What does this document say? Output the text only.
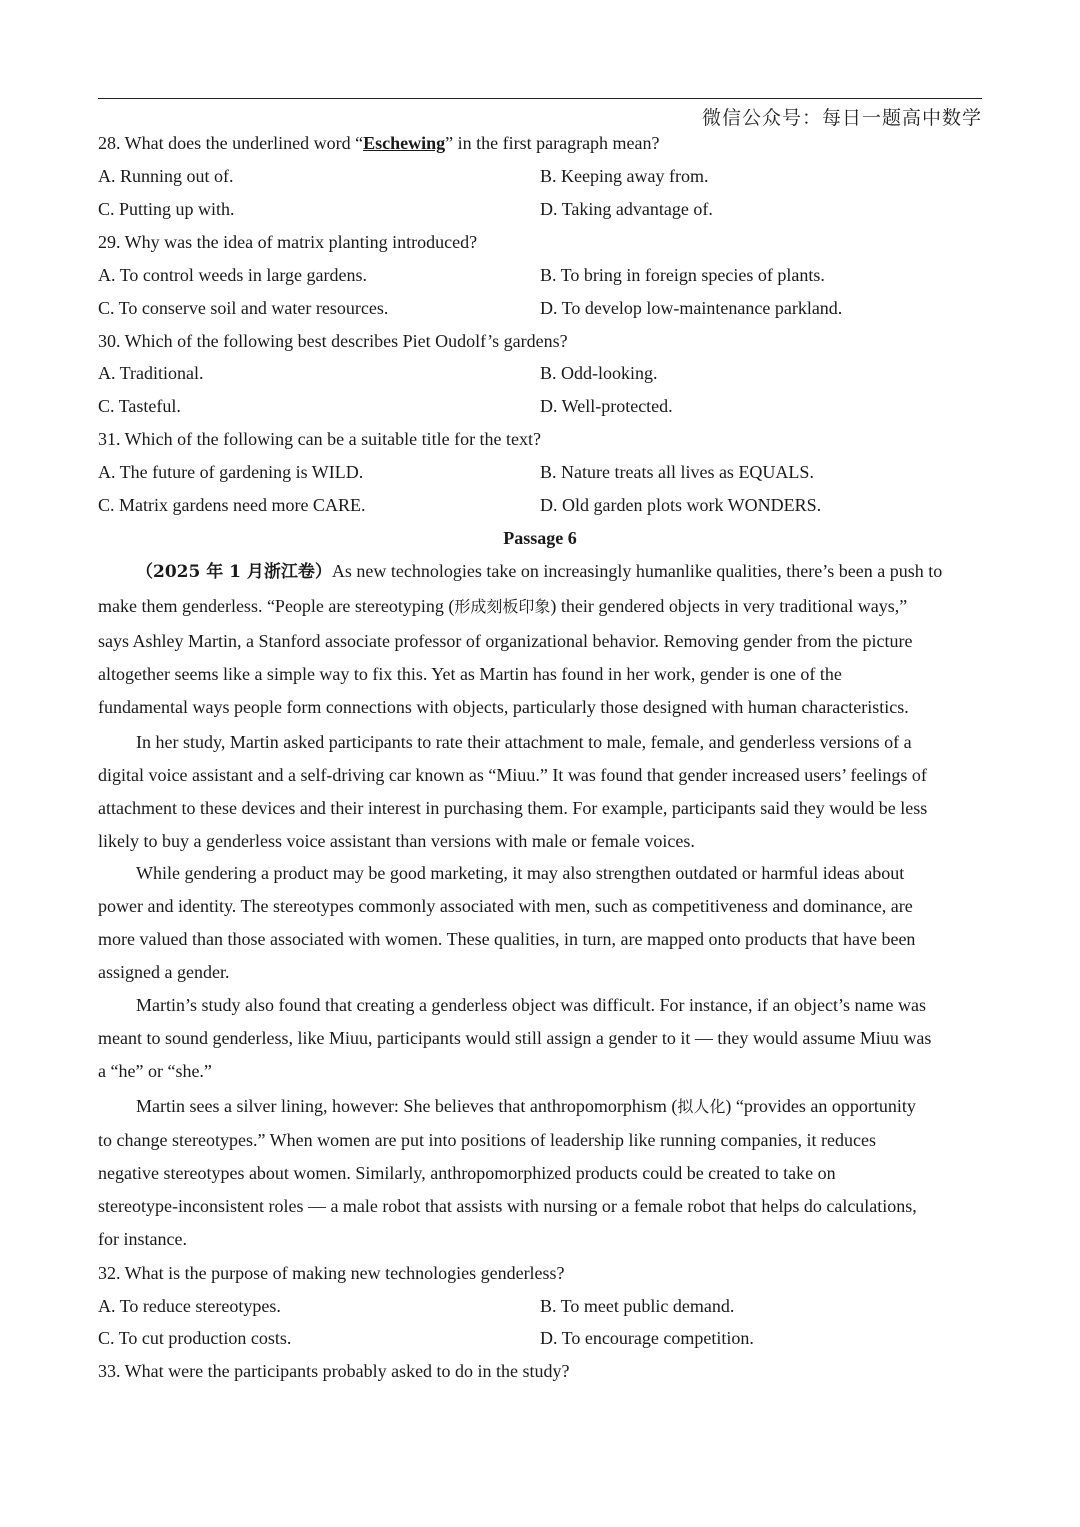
微信公众号：每日一题高中数学
28. What does the underlined word “Eschewing” in the first paragraph mean?
A. Running out of.	B. Keeping away from.
C. Putting up with.	D. Taking advantage of.
29. Why was the idea of matrix planting introduced?
A. To control weeds in large gardens.	B. To bring in foreign species of plants.
C. To conserve soil and water resources.	D. To develop low-maintenance parkland.
30. Which of the following best describes Piet Oudolf’s gardens?
A. Traditional.	B. Odd-looking.
C. Tasteful.	D. Well-protected.
31. Which of the following can be a suitable title for the text?
A. The future of gardening is WILD.	B. Nature treats all lives as EQUALS.
C. Matrix gardens need more CARE.	D. Old garden plots work WONDERS.
Passage 6
（2025 年 1 月浙江卷）As new technologies take on increasingly humanlike qualities, there’s been a push to
make them genderless. “People are stereotyping (形成刻板印象) their gendered objects in very traditional ways,”
says Ashley Martin, a Stanford associate professor of organizational behavior. Removing gender from the picture
altogether seems like a simple way to fix this. Yet as Martin has found in her work, gender is one of the
fundamental ways people form connections with objects, particularly those designed with human characteristics.
In her study, Martin asked participants to rate their attachment to male, female, and genderless versions of a
digital voice assistant and a self-driving car known as “Miuu.” It was found that gender increased users’ feelings of
attachment to these devices and their interest in purchasing them. For example, participants said they would be less
likely to buy a genderless voice assistant than versions with male or female voices.
While gendering a product may be good marketing, it may also strengthen outdated or harmful ideas about
power and identity. The stereotypes commonly associated with men, such as competitiveness and dominance, are
more valued than those associated with women. These qualities, in turn, are mapped onto products that have been
assigned a gender.
Martin’s study also found that creating a genderless object was difficult. For instance, if an object’s name was
meant to sound genderless, like Miuu, participants would still assign a gender to it — they would assume Miuu was
a “he” or “she.”
Martin sees a silver lining, however: She believes that anthropomorphism (拟人化) “provides an opportunity
to change stereotypes.” When women are put into positions of leadership like running companies, it reduces
negative stereotypes about women. Similarly, anthropomorphized products could be created to take on
stereotype-inconsistent roles — a male robot that assists with nursing or a female robot that helps do calculations,
for instance.
32. What is the purpose of making new technologies genderless?
A. To reduce stereotypes.	B. To meet public demand.
C. To cut production costs.	D. To encourage competition.
33. What were the participants probably asked to do in the study?
